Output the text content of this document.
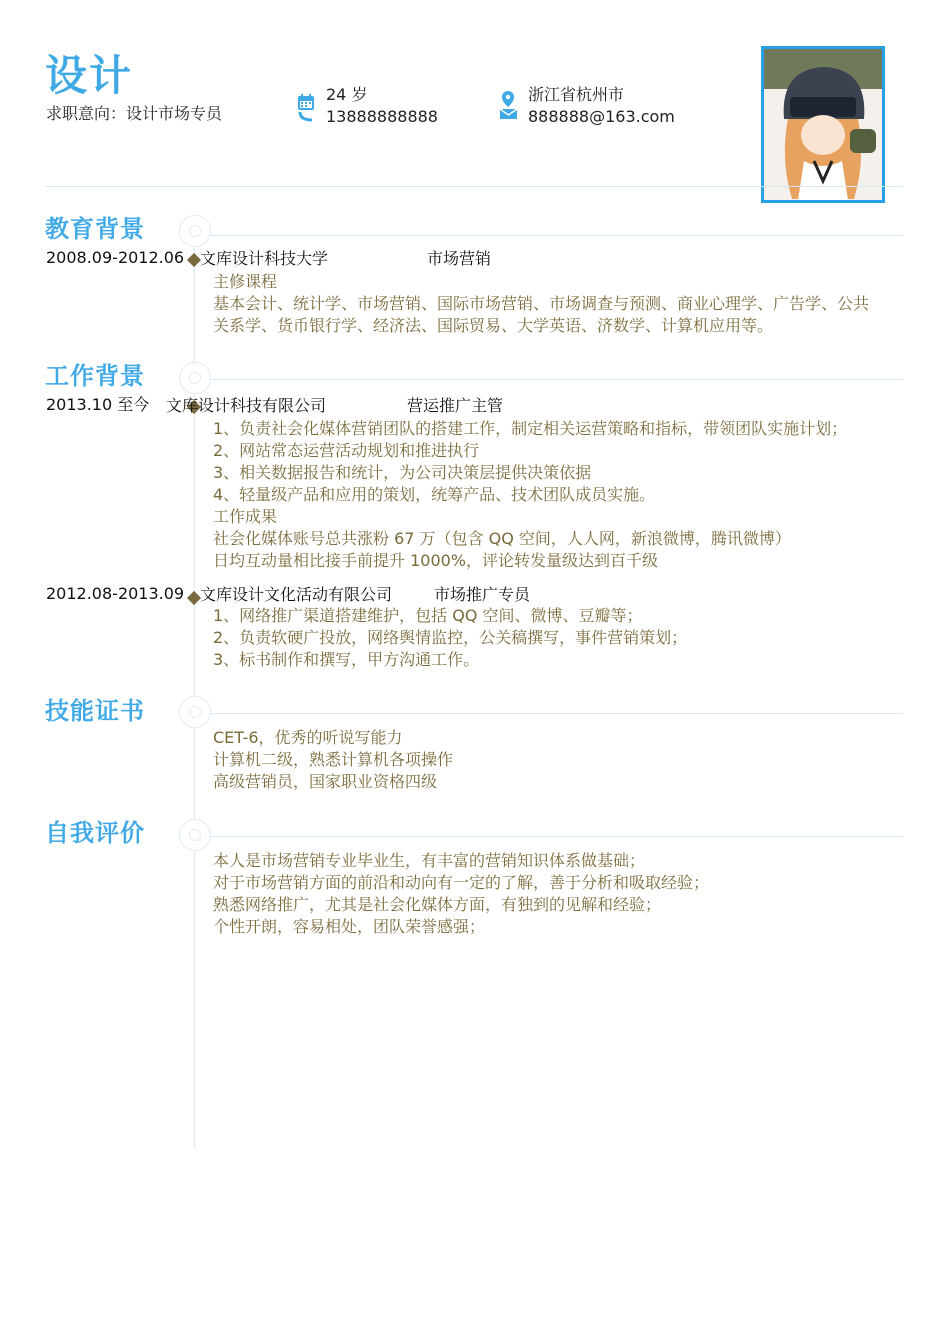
设计
求职意向：设计市场专员
24 岁
13888888888
浙江省杭州市
888888@163.com
教育背景
2008.09-2012.06 文库设计科技大学	市场营销
主修课程
基本会计、统计学、市场营销、国际市场营销、市场调查与预测、商业心理学、广告学、公共
关系学、货币银行学、经济法、国际贸易、大学英语、济数学、计算机应用等。
工作背景
2013.10 至今 文库设计科技有限公司	营运推广主管
1、负责社会化媒体营销团队的搭建工作，制定相关运营策略和指标，带领团队实施计划；
2、网站常态运营活动规划和推进执行
3、相关数据报告和统计，为公司决策层提供决策依据
4、轻量级产品和应用的策划，统筹产品、技术团队成员实施。
工作成果
社会化媒体账号总共涨粉 67 万（包含 QQ 空间，人人网，新浪微博，腾讯微博）
日均互动量相比接手前提升 1000%，评论转发量级达到百千级
2012.08-2013.09 文库设计文化活动有限公司	市场推广专员
1、网络推广渠道搭建维护，包括 QQ 空间、微博、豆瓣等；
2、负责软硬广投放，网络舆情监控，公关稿撰写，事件营销策划；
3、标书制作和撰写，甲方沟通工作。
技能证书
CET-6，优秀的听说写能力
计算机二级，熟悉计算机各项操作
高级营销员，国家职业资格四级
自我评价
本人是市场营销专业毕业生，有丰富的营销知识体系做基础；
对于市场营销方面的前沿和动向有一定的了解，善于分析和吸取经验；
熟悉网络推广，尤其是社会化媒体方面，有独到的见解和经验；
个性开朗，容易相处，团队荣誉感强；
